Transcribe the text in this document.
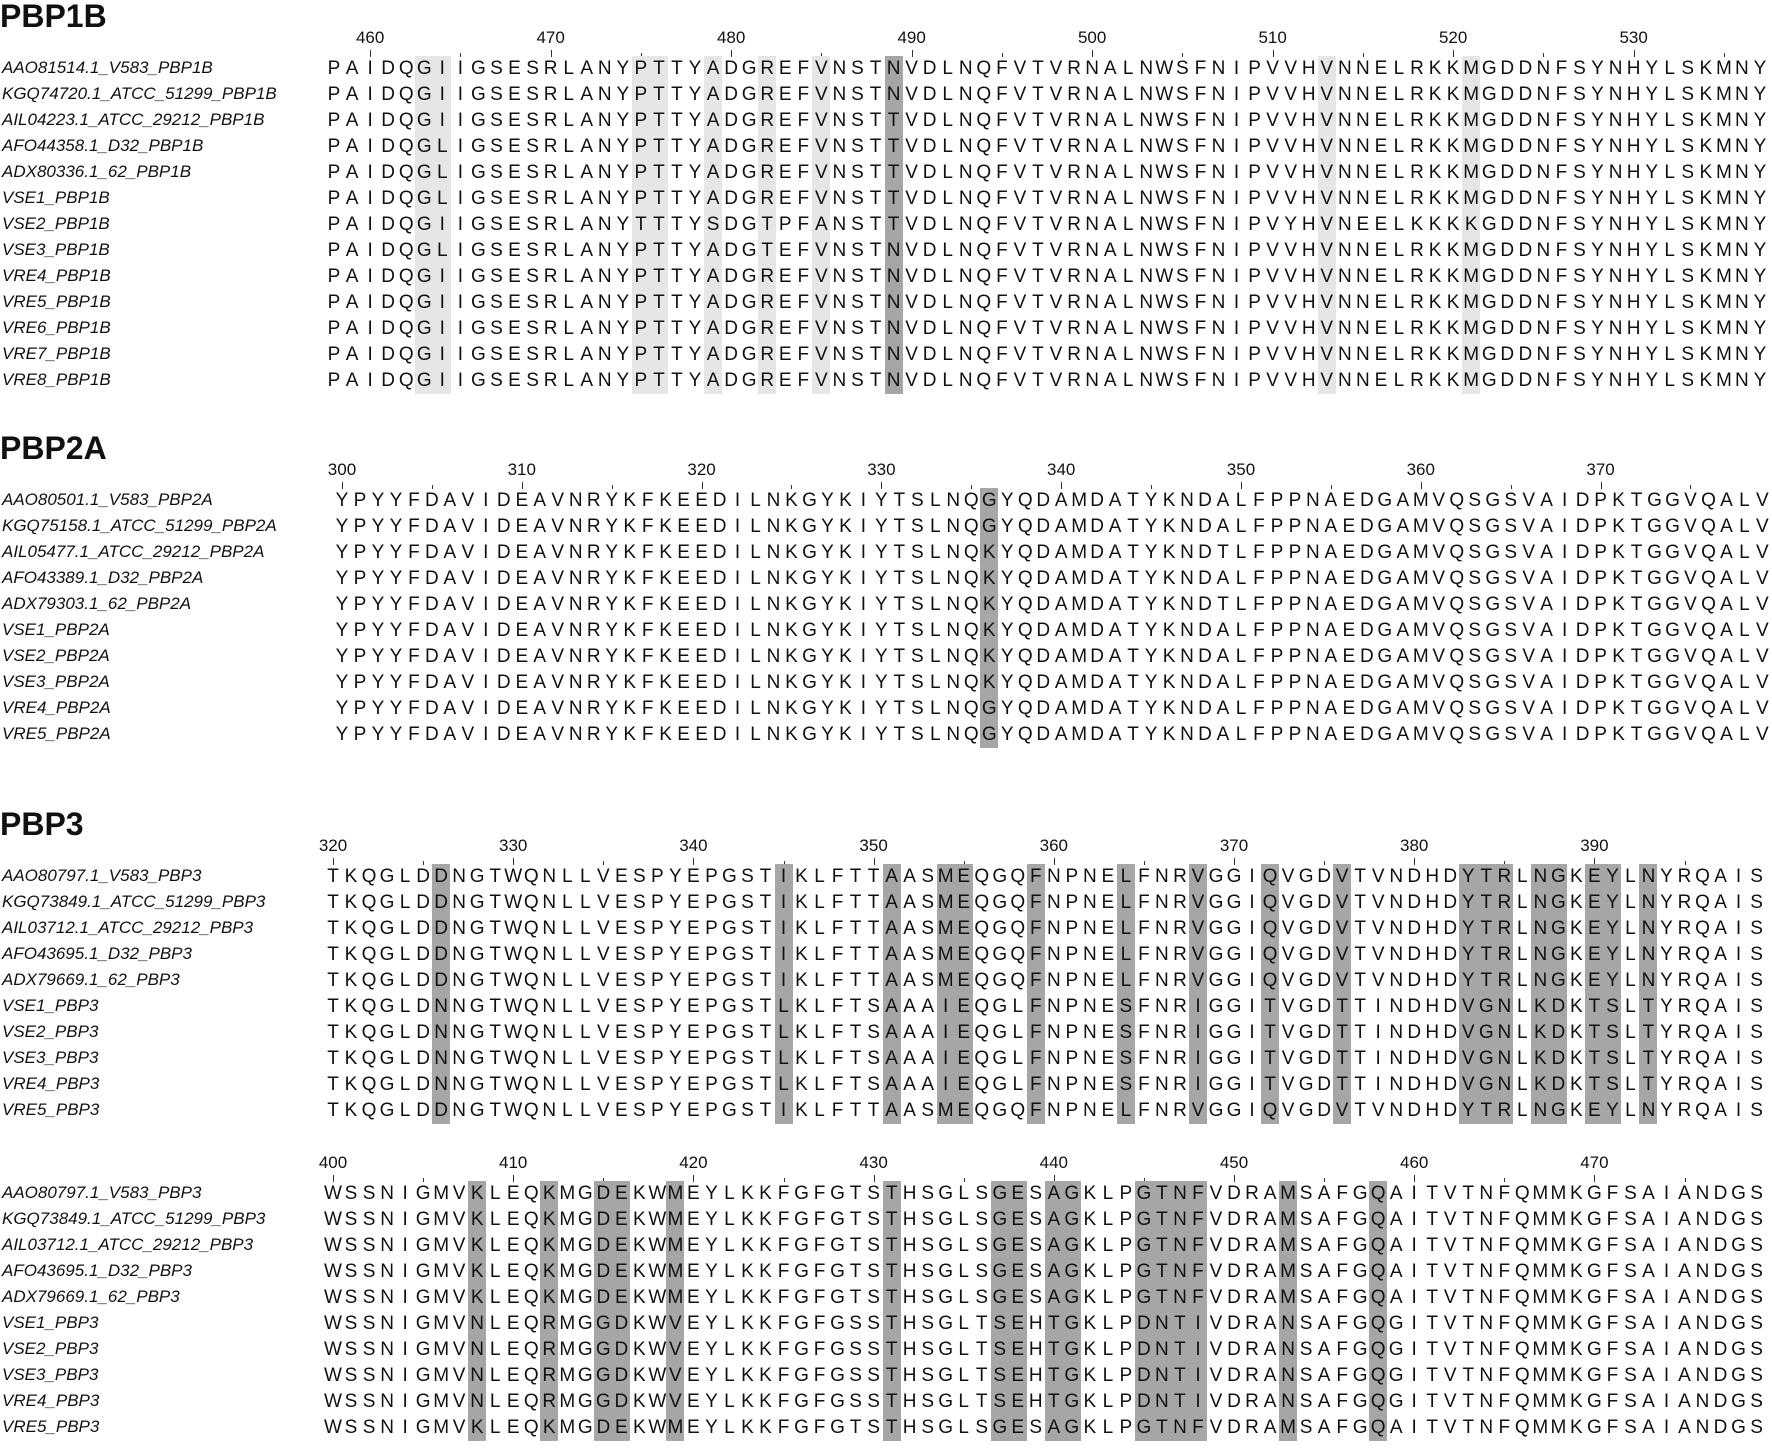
PBP1B
460	470	480	490	500	510	520	530
AAO81514.1_V583_PBP1B	P A I D Q G I I G S E S R L A N Y P T T Y A D G R E F V N S T N V D L N Q F V T V R N A L N W S F N I P V V H V N N E L R K K M G D D N F S Y N H Y L S K M N Y
KGQ74720.1_ATCC_51299_PBP1B	P A I D Q G I I G S E S R L A N Y P T T Y A D G R E F V N S T N V D L N Q F V T V R N A L N W S F N I P V V H V N N E L R K K M G D D N F S Y N H Y L S K M N Y
AIL04223.1_ATCC_29212_PBP1B	P A I D Q G I I G S E S R L A N Y P T T Y A D G R E F V N S T T V D L N Q F V T V R N A L N W S F N I P V V H V N N E L R K K M G D D N F S Y N H Y L S K M N Y
AFO44358.1_D32_PBP1B	P A I D Q G L I G S E S R L A N Y P T T Y A D G R E F V N S T T V D L N Q F V T V R N A L N W S F N I P V V H V N N E L R K K M G D D N F S Y N H Y L S K M N Y
ADX80336.1_62_PBP1B	P A I D Q G L I G S E S R L A N Y P T T Y A D G R E F V N S T T V D L N Q F V T V R N A L N W S F N I P V V H V N N E L R K K M G D D N F S Y N H Y L S K M N Y
VSE1_PBP1B	P A I D Q G L I G S E S R L A N Y P T T Y A D G R E F V N S T T V D L N Q F V T V R N A L N W S F N I P V V H V N N E L R K K M G D D N F S Y N H Y L S K M N Y
VSE2_PBP1B	P A I D Q G I I G S E S R L A N Y T T T Y S D G T P F A N S T T V D L N Q F V T V R N A L N W S F N I P V Y H V N E E L K K K K G D D N F S Y N H Y L S K M N Y
VSE3_PBP1B	P A I D Q G L I G S E S R L A N Y P T T Y A D G T E F V N S T N V D L N Q F V T V R N A L N W S F N I P V V H V N N E L R K K M G D D N F S Y N H Y L S K M N Y
VRE4_PBP1B	P A I D Q G I I G S E S R L A N Y P T T Y A D G R E F V N S T N V D L N Q F V T V R N A L N W S F N I P V V H V N N E L R K K M G D D N F S Y N H Y L S K M N Y
VRE5_PBP1B	P A I D Q G I I G S E S R L A N Y P T T Y A D G R E F V N S T N V D L N Q F V T V R N A L N W S F N I P V V H V N N E L R K K M G D D N F S Y N H Y L S K M N Y
VRE6_PBP1B	P A I D Q G I I G S E S R L A N Y P T T Y A D G R E F V N S T N V D L N Q F V T V R N A L N W S F N I P V V H V N N E L R K K M G D D N F S Y N H Y L S K M N Y
VRE7_PBP1B	P A I D Q G I I G S E S R L A N Y P T T Y A D G R E F V N S T N V D L N Q F V T V R N A L N W S F N I P V V H V N N E L R K K M G D D N F S Y N H Y L S K M N Y
VRE8_PBP1B	P A I D Q G I I G S E S R L A N Y P T T Y A D G R E F V N S T N V D L N Q F V T V R N A L N W S F N I P V V H V N N E L R K K M G D D N F S Y N H Y L S K M N Y
PBP2A
300	310	320	330	340	350	360	370
AAO80501.1_V583_PBP2A	Y P Y Y F D A V I D E A V N R Y K F K E E D I L N K G Y K I Y T S L N Q G Y Q D A M D A T Y K N D A L F P P N A E D G A M V Q S G S V A I D P K T G G V Q A L V
KGQ75158.1_ATCC_51299_PBP2A	Y P Y Y F D A V I D E A V N R Y K F K E E D I L N K G Y K I Y T S L N Q G Y Q D A M D A T Y K N D A L F P P N A E D G A M V Q S G S V A I D P K T G G V Q A L V
AIL05477.1_ATCC_29212_PBP2A	Y P Y Y F D A V I D E A V N R Y K F K E E D I L N K G Y K I Y T S L N Q K Y Q D A M D A T Y K N D T L F P P N A E D G A M V Q S G S V A I D P K T G G V Q A L V
AFO43389.1_D32_PBP2A	Y P Y Y F D A V I D E A V N R Y K F K E E D I L N K G Y K I Y T S L N Q K Y Q D A M D A T Y K N D A L F P P N A E D G A M V Q S G S V A I D P K T G G V Q A L V
ADX79303.1_62_PBP2A	Y P Y Y F D A V I D E A V N R Y K F K E E D I L N K G Y K I Y T S L N Q K Y Q D A M D A T Y K N D T L F P P N A E D G A M V Q S G S V A I D P K T G G V Q A L V
VSE1_PBP2A	Y P Y Y F D A V I D E A V N R Y K F K E E D I L N K G Y K I Y T S L N Q K Y Q D A M D A T Y K N D A L F P P N A E D G A M V Q S G S V A I D P K T G G V Q A L V
VSE2_PBP2A	Y P Y Y F D A V I D E A V N R Y K F K E E D I L N K G Y K I Y T S L N Q K Y Q D A M D A T Y K N D A L F P P N A E D G A M V Q S G S V A I D P K T G G V Q A L V
VSE3_PBP2A	Y P Y Y F D A V I D E A V N R Y K F K E E D I L N K G Y K I Y T S L N Q K Y Q D A M D A T Y K N D A L F P P N A E D G A M V Q S G S V A I D P K T G G V Q A L V
VRE4_PBP2A	Y P Y Y F D A V I D E A V N R Y K F K E E D I L N K G Y K I Y T S L N Q G Y Q D A M D A T Y K N D A L F P P N A E D G A M V Q S G S V A I D P K T G G V Q A L V
VRE5_PBP2A	Y P Y Y F D A V I D E A V N R Y K F K E E D I L N K G Y K I Y T S L N Q G Y Q D A M D A T Y K N D A L F P P N A E D G A M V Q S G S V A I D P K T G G V Q A L V
PBP3
320	330	340	350	360	370	380	390
AAO80797.1_V583_PBP3	T K Q G L D D N G T W Q N L L V E S P Y E P G S T I K L F T T A A S M E Q G Q F N P N E L F N R V G G I Q V G D V T V N D H D Y T R L N G K E Y L N Y R Q A I S
KGQ73849.1_ATCC_51299_PBP3	T K Q G L D D N G T W Q N L L V E S P Y E P G S T I K L F T T A A S M E Q G Q F N P N E L F N R V G G I Q V G D V T V N D H D Y T R L N G K E Y L N Y R Q A I S
AIL03712.1_ATCC_29212_PBP3	T K Q G L D D N G T W Q N L L V E S P Y E P G S T I K L F T T A A S M E Q G Q F N P N E L F N R V G G I Q V G D V T V N D H D Y T R L N G K E Y L N Y R Q A I S
AFO43695.1_D32_PBP3	T K Q G L D D N G T W Q N L L V E S P Y E P G S T I K L F T T A A S M E Q G Q F N P N E L F N R V G G I Q V G D V T V N D H D Y T R L N G K E Y L N Y R Q A I S
ADX79669.1_62_PBP3	T K Q G L D D N G T W Q N L L V E S P Y E P G S T I K L F T T A A S M E Q G Q F N P N E L F N R V G G I Q V G D V T V N D H D Y T R L N G K E Y L N Y R Q A I S
VSE1_PBP3	T K Q G L D N N G T W Q N L L V E S P Y E P G S T L K L F T S A A A I E Q G L F N P N E S F N R I G G I T V G D T T I N D H D V G N L K D K T S L T Y R Q A I S
VSE2_PBP3	T K Q G L D N N G T W Q N L L V E S P Y E P G S T L K L F T S A A A I E Q G L F N P N E S F N R I G G I T V G D T T I N D H D V G N L K D K T S L T Y R Q A I S
VSE3_PBP3	T K Q G L D N N G T W Q N L L V E S P Y E P G S T L K L F T S A A A I E Q G L F N P N E S F N R I G G I T V G D T T I N D H D V G N L K D K T S L T Y R Q A I S
VRE4_PBP3	T K Q G L D N N G T W Q N L L V E S P Y E P G S T L K L F T S A A A I E Q G L F N P N E S F N R I G G I T V G D T T I N D H D V G N L K D K T S L T Y R Q A I S
VRE5_PBP3	T K Q G L D D N G T W Q N L L V E S P Y E P G S T I K L F T T A A S M E Q G Q F N P N E L F N R V G G I Q V G D V T V N D H D Y T R L N G K E Y L N Y R Q A I S
400	410	420	430	440	450	460	470
AAO80797.1_V583_PBP3	W S S N I G M V K L E Q K M G D E K W M E Y L K K F G F G T S T H S G L S G E S A G K L P G T N F V D R A M S A F G Q A I T V T N F Q M M K G F S A I A N D G S
KGQ73849.1_ATCC_51299_PBP3	W S S N I G M V K L E Q K M G D E K W M E Y L K K F G F G T S T H S G L S G E S A G K L P G T N F V D R A M S A F G Q A I T V T N F Q M M K G F S A I A N D G S
AIL03712.1_ATCC_29212_PBP3	W S S N I G M V K L E Q K M G D E K W M E Y L K K F G F G T S T H S G L S G E S A G K L P G T N F V D R A M S A F G Q A I T V T N F Q M M K G F S A I A N D G S
AFO43695.1_D32_PBP3	W S S N I G M V K L E Q K M G D E K W M E Y L K K F G F G T S T H S G L S G E S A G K L P G T N F V D R A M S A F G Q A I T V T N F Q M M K G F S A I A N D G S
ADX79669.1_62_PBP3	W S S N I G M V K L E Q K M G D E K W M E Y L K K F G F G T S T H S G L S G E S A G K L P G T N F V D R A M S A F G Q A I T V T N F Q M M K G F S A I A N D G S
VSE1_PBP3	W S S N I G M V N L E Q R M G G D K W V E Y L K K F G F G S S T H S G L T S E H T G K L P D N T I V D R A N S A F G Q G I T V T N F Q M M K G F S A I A N D G S
VSE2_PBP3	W S S N I G M V N L E Q R M G G D K W V E Y L K K F G F G S S T H S G L T S E H T G K L P D N T I V D R A N S A F G Q G I T V T N F Q M M K G F S A I A N D G S
VSE3_PBP3	W S S N I G M V N L E Q R M G G D K W V E Y L K K F G F G S S T H S G L T S E H T G K L P D N T I V D R A N S A F G Q G I T V T N F Q M M K G F S A I A N D G S
VRE4_PBP3	W S S N I G M V N L E Q R M G G D K W V E Y L K K F G F G S S T H S G L T S E H T G K L P D N T I V D R A N S A F G Q G I T V T N F Q M M K G F S A I A N D G S
VRE5_PBP3	W S S N I G M V K L E Q K M G D E K W M E Y L K K F G F G T S T H S G L S G E S A G K L P G T N F V D R A M S A F G Q A I T V T N F Q M M K G F S A I A N D G S
